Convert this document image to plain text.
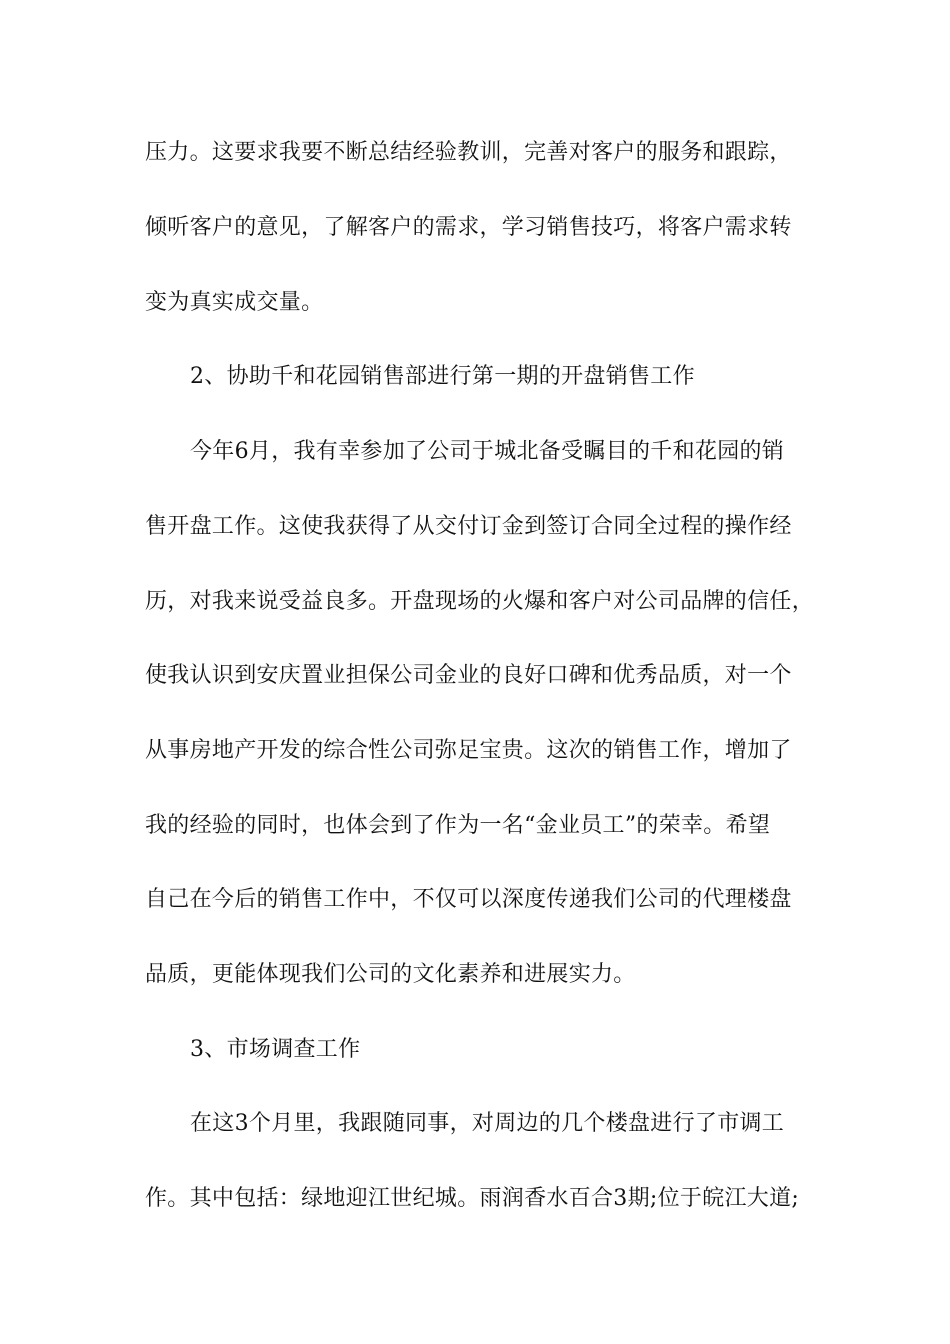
压力。这要求我要不断总结经验教训，完善对客户的服务和跟踪，
倾听客户的意见，了解客户的需求，学习销售技巧，将客户需求转
变为真实成交量。
2、协助千和花园销售部进行第一期的开盘销售工作
今年6月，我有幸参加了公司于城北备受瞩目的千和花园的销
售开盘工作。这使我获得了从交付订金到签订合同全过程的操作经
历，对我来说受益良多。开盘现场的火爆和客户对公司品牌的信任，
使我认识到安庆置业担保公司金业的良好口碑和优秀品质，对一个
从事房地产开发的综合性公司弥足宝贵。这次的销售工作，增加了
我的经验的同时，也体会到了作为一名“金业员工”的荣幸。希望
自己在今后的销售工作中，不仅可以深度传递我们公司的代理楼盘
品质，更能体现我们公司的文化素养和进展实力。
3、市场调查工作
在这3个月里，我跟随同事，对周边的几个楼盘进行了市调工
作。其中包括：绿地迎江世纪城。雨润香水百合3期;位于皖江大道;
